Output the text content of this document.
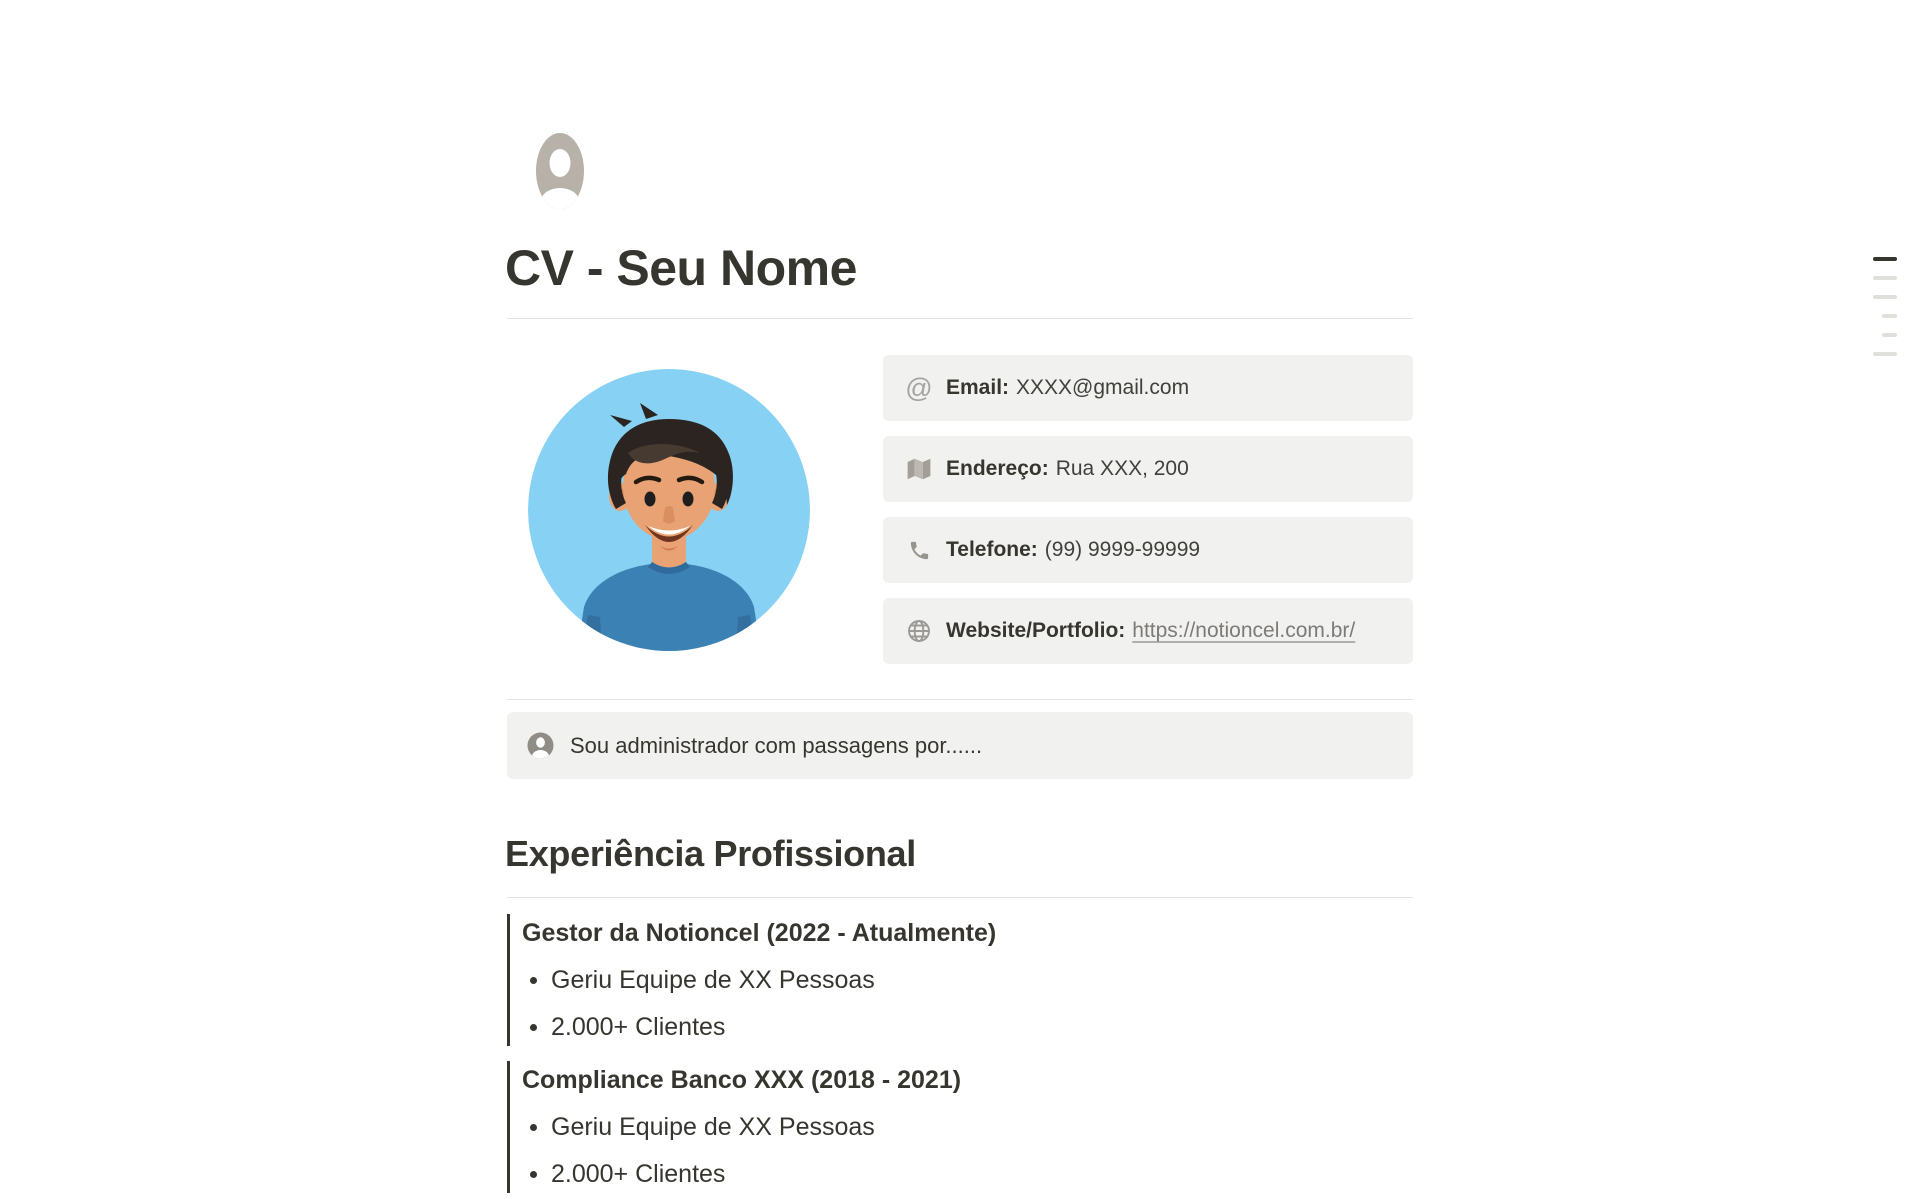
CV - Seu Nome
@ Email: XXXX@gmail.com
Endereço: Rua XXX, 200
Telefone: (99) 9999-99999
Website/Portfolio: https://notioncel.com.br/
Sou administrador com passagens por......
Experiência Profissional
Gestor da Notioncel (2022 - Atualmente)
Geriu Equipe de XX Pessoas
2.000+ Clientes
Compliance Banco XXX (2018 - 2021)
Geriu Equipe de XX Pessoas
2.000+ Clientes
